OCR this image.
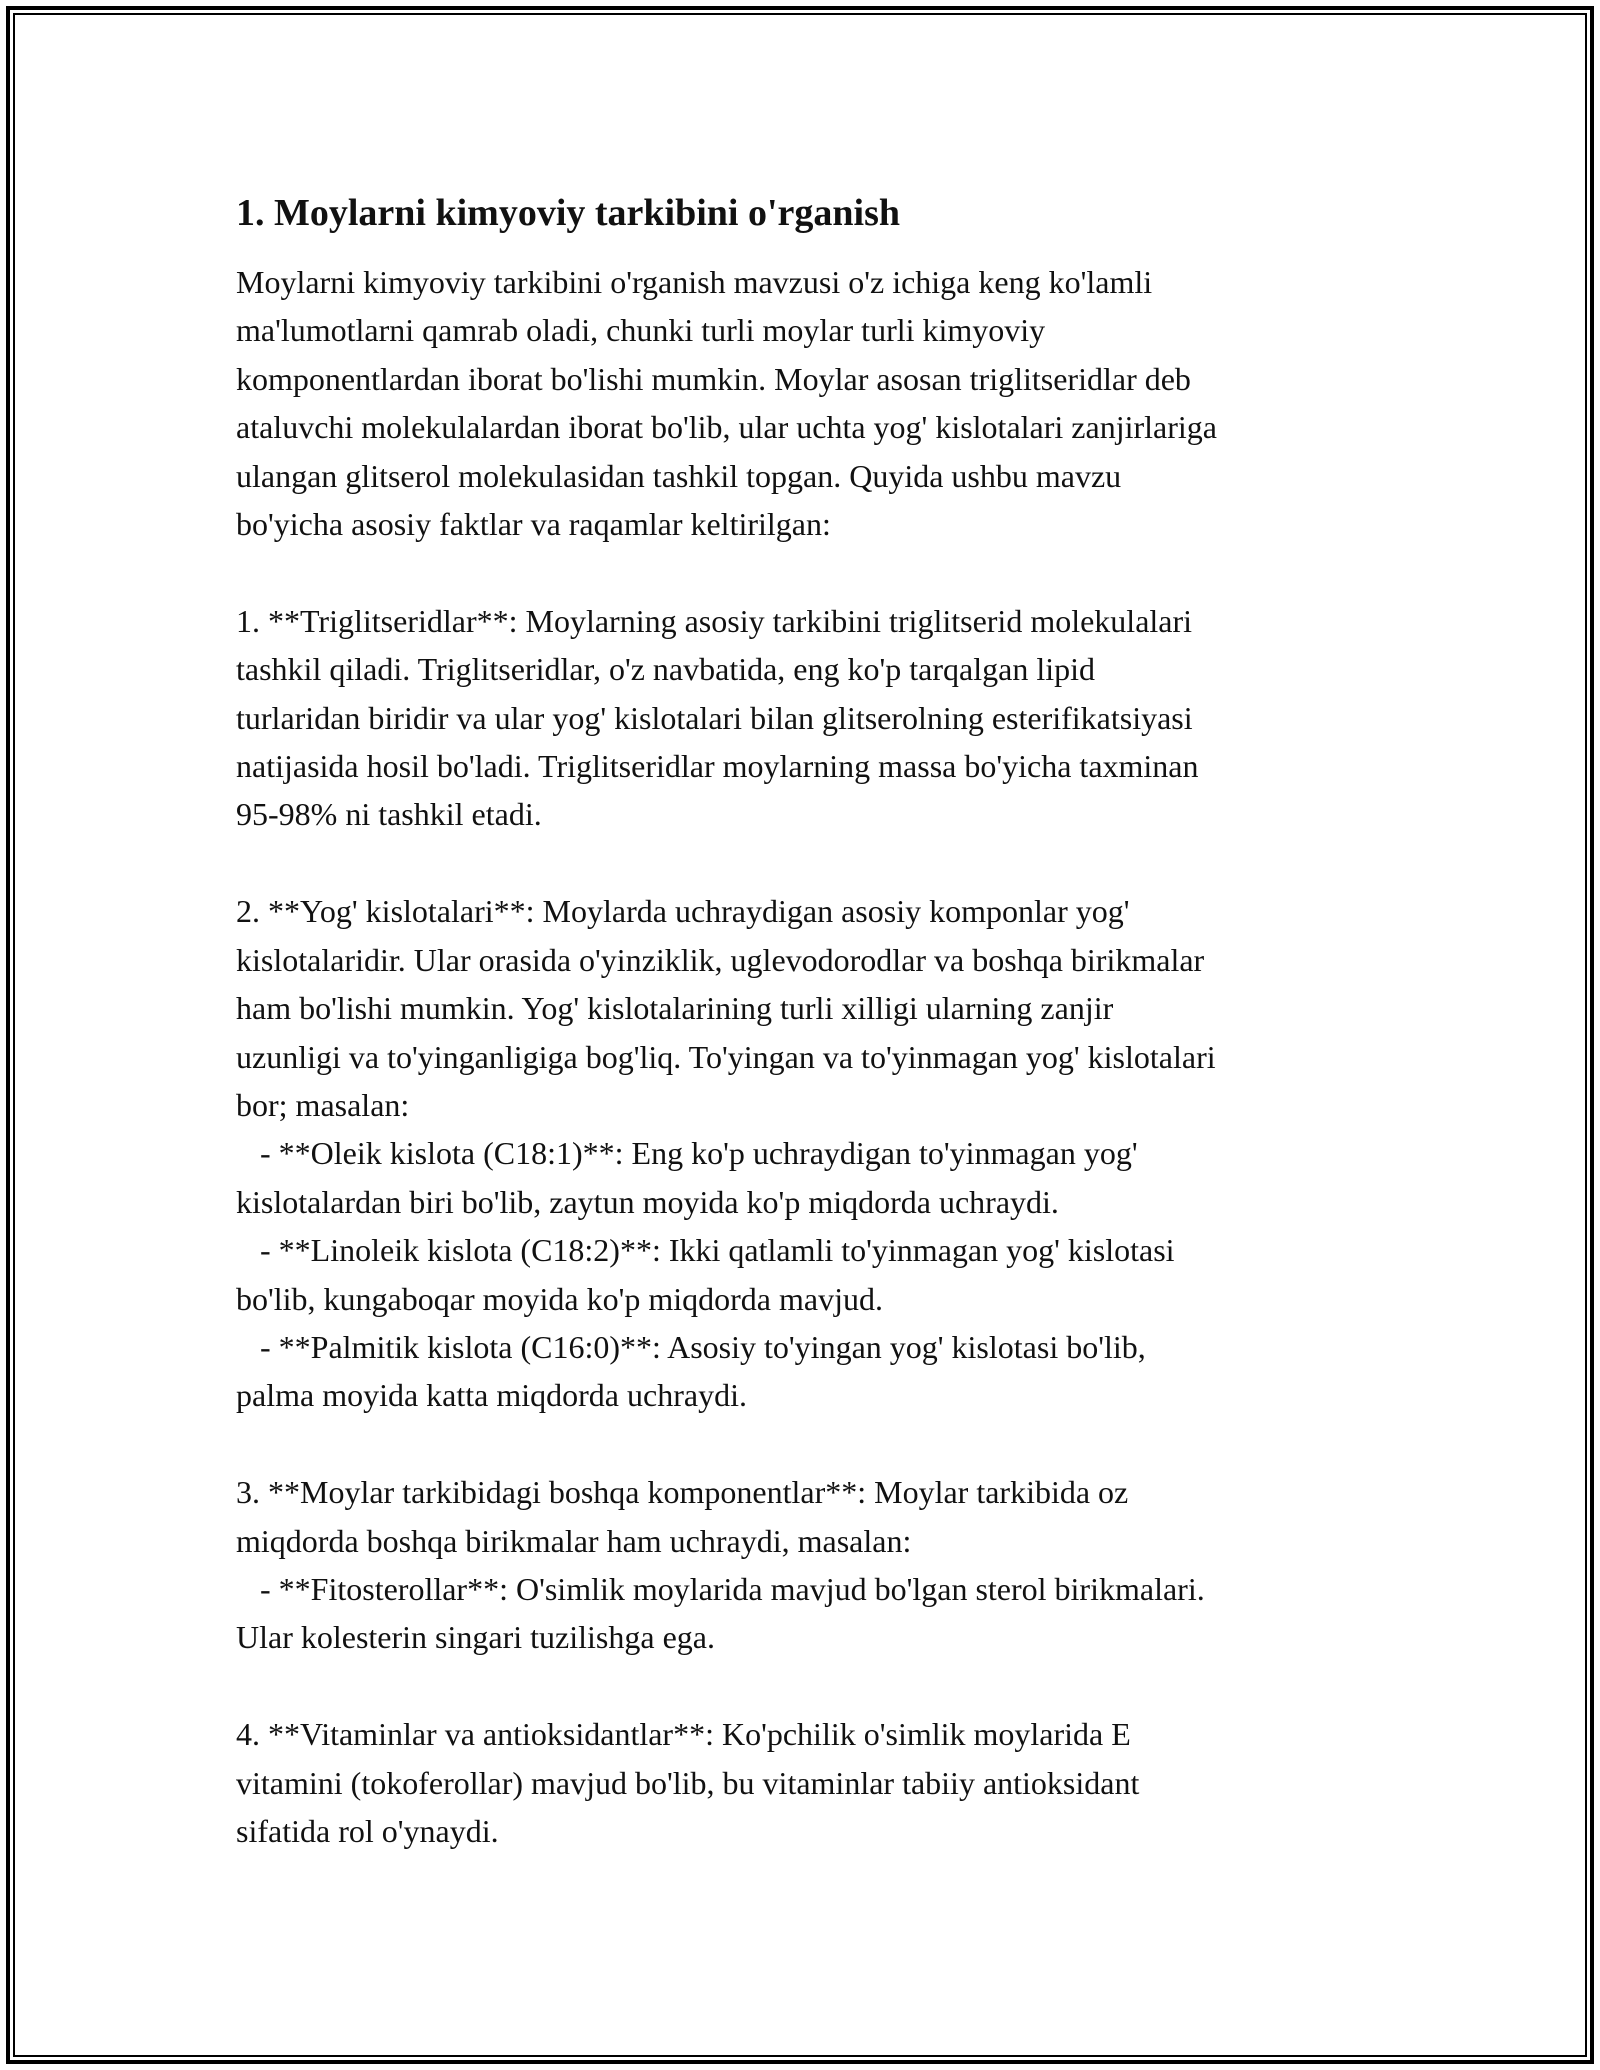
1. Moylarni kimyoviy tarkibini o'rganish

Moylarni kimyoviy tarkibini o'rganish mavzusi o'z ichiga keng ko'lamli
ma'lumotlarni qamrab oladi, chunki turli moylar turli kimyoviy
komponentlardan iborat bo'lishi mumkin. Moylar asosan triglitseridlar deb
ataluvchi molekulalardan iborat bo'lib, ular uchta yog' kislotalari zanjirlariga
ulangan glitserol molekulasidan tashkil topgan. Quyida ushbu mavzu
bo'yicha asosiy faktlar va raqamlar keltirilgan:

1. **Triglitseridlar**: Moylarning asosiy tarkibini triglitserid molekulalari
tashkil qiladi. Triglitseridlar, o'z navbatida, eng ko'p tarqalgan lipid
turlaridan biridir va ular yog' kislotalari bilan glitserolning esterifikatsiyasi
natijasida hosil bo'ladi. Triglitseridlar moylarning massa bo'yicha taxminan
95-98% ni tashkil etadi.

2. **Yog' kislotalari**: Moylarda uchraydigan asosiy komponlar yog'
kislotalaridir. Ular orasida o'yinziklik, uglevodorodlar va boshqa birikmalar
ham bo'lishi mumkin. Yog' kislotalarining turli xilligi ularning zanjir
uzunligi va to'yinganligiga bog'liq. To'yingan va to'yinmagan yog' kislotalari
bor; masalan:
- **Oleik kislota (C18:1)**: Eng ko'p uchraydigan to'yinmagan yog'
kislotalardan biri bo'lib, zaytun moyida ko'p miqdorda uchraydi.
- **Linoleik kislota (C18:2)**: Ikki qatlamli to'yinmagan yog' kislotasi
bo'lib, kungaboqar moyida ko'p miqdorda mavjud.
- **Palmitik kislota (C16:0)**: Asosiy to'yingan yog' kislotasi bo'lib,
palma moyida katta miqdorda uchraydi.

3. **Moylar tarkibidagi boshqa komponentlar**: Moylar tarkibida oz
miqdorda boshqa birikmalar ham uchraydi, masalan:
- **Fitosterollar**: O'simlik moylarida mavjud bo'lgan sterol birikmalari.
Ular kolesterin singari tuzilishga ega.

4. **Vitaminlar va antioksidantlar**: Ko'pchilik o'simlik moylarida E
vitamini (tokoferollar) mavjud bo'lib, bu vitaminlar tabiiy antioksidant
sifatida rol o'ynaydi.
